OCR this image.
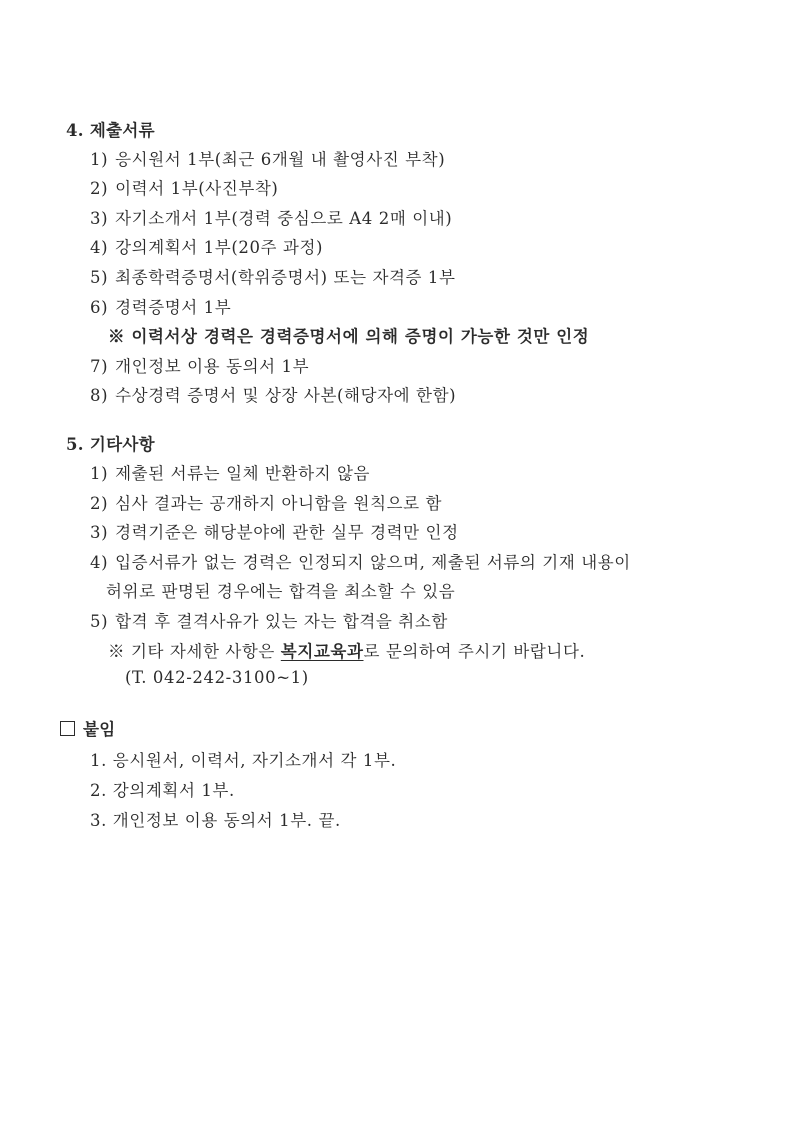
4. 제출서류
1) 응시원서 1부(최근 6개월 내 촬영사진 부착)
2) 이력서 1부(사진부착)
3) 자기소개서 1부(경력 중심으로 A4 2매 이내)
4) 강의계획서 1부(20주 과정)
5) 최종학력증명서(학위증명서) 또는 자격증 1부
6) 경력증명서 1부
※ 이력서상 경력은 경력증명서에 의해 증명이 가능한 것만 인정
7) 개인정보 이용 동의서 1부
8) 수상경력 증명서 및 상장 사본(해당자에 한함)
5. 기타사항
1) 제출된 서류는 일체 반환하지 않음
2) 심사 결과는 공개하지 아니함을 원칙으로 함
3) 경력기준은 해당분야에 관한 실무 경력만 인정
4) 입증서류가 없는 경력은 인정되지 않으며, 제출된 서류의 기재 내용이
허위로 판명된 경우에는 합격을 최소할 수 있음
5) 합격 후 결격사유가 있는 자는 합격을 취소함
※ 기타 자세한 사항은 복지교육과로 문의하여 주시기 바랍니다.
(T. 042-242-3100~1)
붙임
1. 응시원서, 이력서, 자기소개서 각 1부.
2. 강의계획서 1부.
3. 개인정보 이용 동의서 1부. 끝.
